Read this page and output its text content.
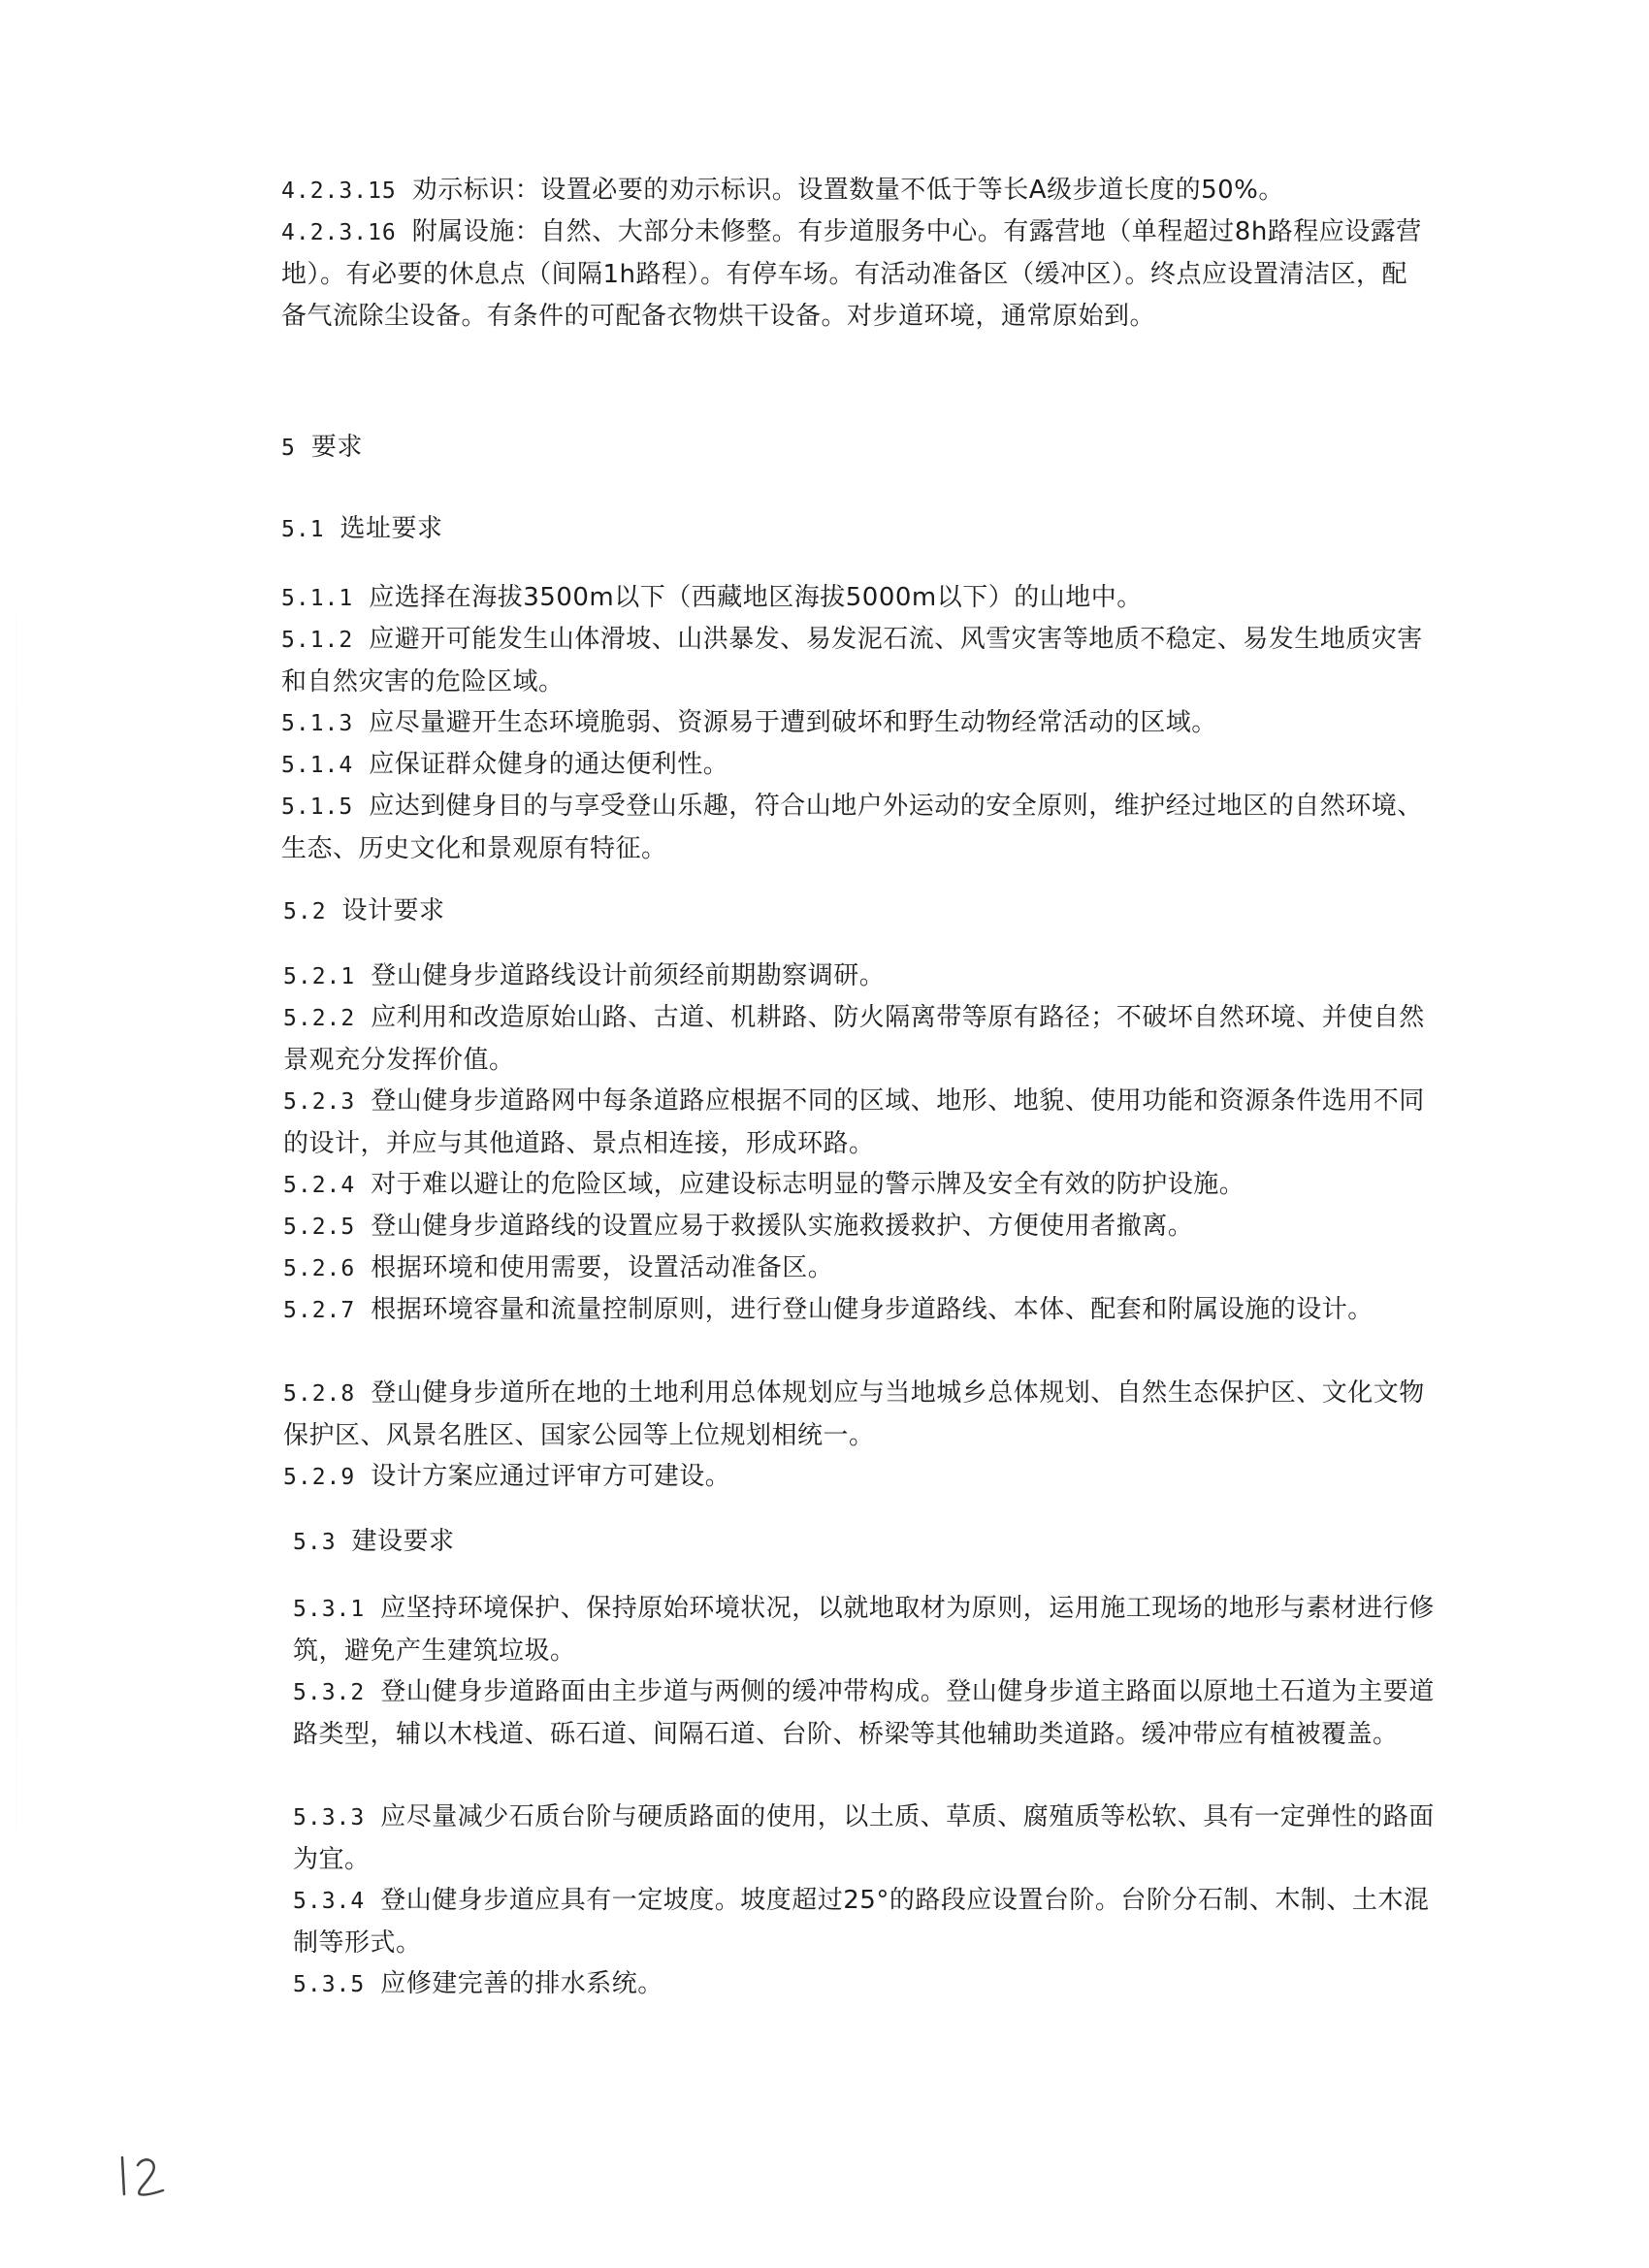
4.2.3.15 劝示标识：设置必要的劝示标识。设置数量不低于等长A级步道长度的50%。
4.2.3.16 附属设施：自然、大部分未修整。有步道服务中心。有露营地（单程超过8h路程应设露营地）。有必要的休息点（间隔1h路程）。有停车场。有活动准备区（缓冲区）。终点应设置清洁区，配备气流除尘设备。有条件的可配备衣物烘干设备。对步道环境，通常原始到。
5 要求
5.1 选址要求
5.1.1 应选择在海拔3500m以下（西藏地区海拔5000m以下）的山地中。
5.1.2 应避开可能发生山体滑坡、山洪暴发、易发泥石流、风雪灾害等地质不稳定、易发生地质灾害和自然灾害的危险区域。
5.1.3 应尽量避开生态环境脆弱、资源易于遭到破坏和野生动物经常活动的区域。
5.1.4 应保证群众健身的通达便利性。
5.1.5 应达到健身目的与享受登山乐趣，符合山地户外运动的安全原则，维护经过地区的自然环境、生态、历史文化和景观原有特征。
5.2 设计要求
5.2.1 登山健身步道路线设计前须经前期勘察调研。
5.2.2 应利用和改造原始山路、古道、机耕路、防火隔离带等原有路径；不破坏自然环境、并使自然景观充分发挥价值。
5.2.3 登山健身步道路网中每条道路应根据不同的区域、地形、地貌、使用功能和资源条件选用不同的设计，并应与其他道路、景点相连接，形成环路。
5.2.4 对于难以避让的危险区域，应建设标志明显的警示牌及安全有效的防护设施。
5.2.5 登山健身步道路线的设置应易于救援队实施救援救护、方便使用者撤离。
5.2.6 根据环境和使用需要，设置活动准备区。
5.2.7 根据环境容量和流量控制原则，进行登山健身步道路线、本体、配套和附属设施的设计。
5.2.8 登山健身步道所在地的土地利用总体规划应与当地城乡总体规划、自然生态保护区、文化文物保护区、风景名胜区、国家公园等上位规划相统一。
5.2.9 设计方案应通过评审方可建设。
5.3 建设要求
5.3.1 应坚持环境保护、保持原始环境状况，以就地取材为原则，运用施工现场的地形与素材进行修筑，避免产生建筑垃圾。
5.3.2 登山健身步道路面由主步道与两侧的缓冲带构成。登山健身步道主路面以原地土石道为主要道路类型，辅以木栈道、砾石道、间隔石道、台阶、桥梁等其他辅助类道路。缓冲带应有植被覆盖。
5.3.3 应尽量减少石质台阶与硬质路面的使用，以土质、草质、腐殖质等松软、具有一定弹性的路面为宜。
5.3.4 登山健身步道应具有一定坡度。坡度超过25°的路段应设置台阶。台阶分石制、木制、土木混制等形式。
5.3.5 应修建完善的排水系统。
